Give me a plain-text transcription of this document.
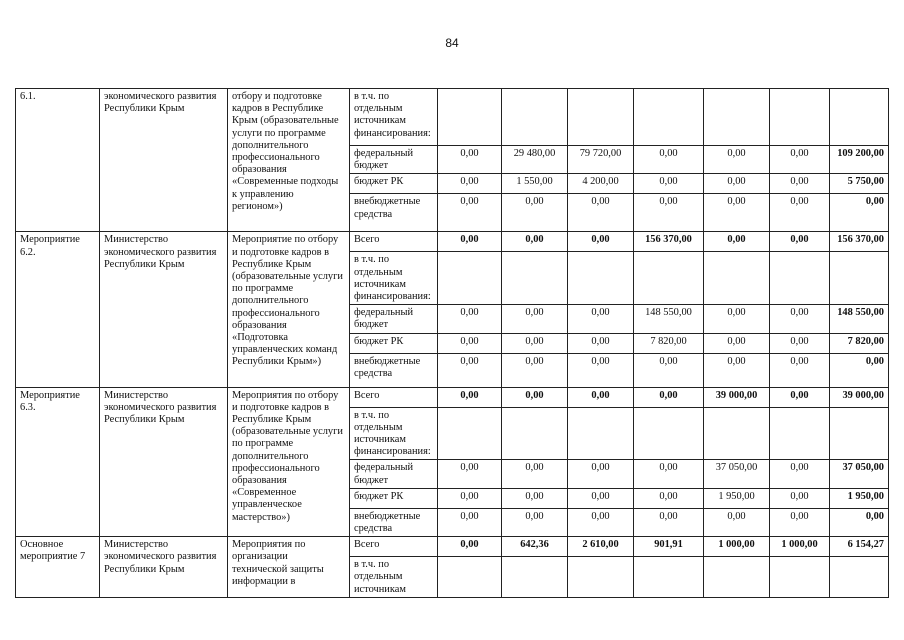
84
6.1.	экономического развития Республики Крым	отбору и подготовке кадров в Республике Крым (образовательные услуги по программе дополнительного профессионального образования «Современные подходы к управлению регионом»)	в т.ч. по отдельным источникам финансирования:							
			федеральный бюджет	0,00	29 480,00	79 720,00	0,00	0,00	0,00	109 200,00
			бюджет РК	0,00	1 550,00	4 200,00	0,00	0,00	0,00	5 750,00
			внебюджетные средства	0,00	0,00	0,00	0,00	0,00	0,00	0,00
Мероприятие 6.2.	Министерство экономического развития Республики Крым	Мероприятие по отбору и подготовке кадров в Республике Крым (образовательные услуги по программе дополнительного профессионального образования «Подготовка управленческих команд Республики Крым»)	Всего	0,00	0,00	0,00	156 370,00	0,00	0,00	156 370,00
			в т.ч. по отдельным источникам финансирования:							
			федеральный бюджет	0,00	0,00	0,00	148 550,00	0,00	0,00	148 550,00
			бюджет РК	0,00	0,00	0,00	7 820,00	0,00	0,00	7 820,00
			внебюджетные средства	0,00	0,00	0,00	0,00	0,00	0,00	0,00
Мероприятие 6.3.	Министерство экономического развития Республики Крым	Мероприятия по отбору и подготовке кадров в Республике Крым (образовательные услуги по программе дополнительного профессионального образования «Современное управленческое мастерство»)	Всего	0,00	0,00	0,00	0,00	39 000,00	0,00	39 000,00
			в т.ч. по отдельным источникам финансирования:							
			федеральный бюджет	0,00	0,00	0,00	0,00	37 050,00	0,00	37 050,00
			бюджет РК	0,00	0,00	0,00	0,00	1 950,00	0,00	1 950,00
			внебюджетные средства	0,00	0,00	0,00	0,00	0,00	0,00	0,00
Основное мероприятие 7	Министерство экономического развития Республики Крым	Мероприятия по организации технической защиты информации в	Всего	0,00	642,36	2 610,00	901,91	1 000,00	1 000,00	6 154,27
			в т.ч. по отдельным источникам							
